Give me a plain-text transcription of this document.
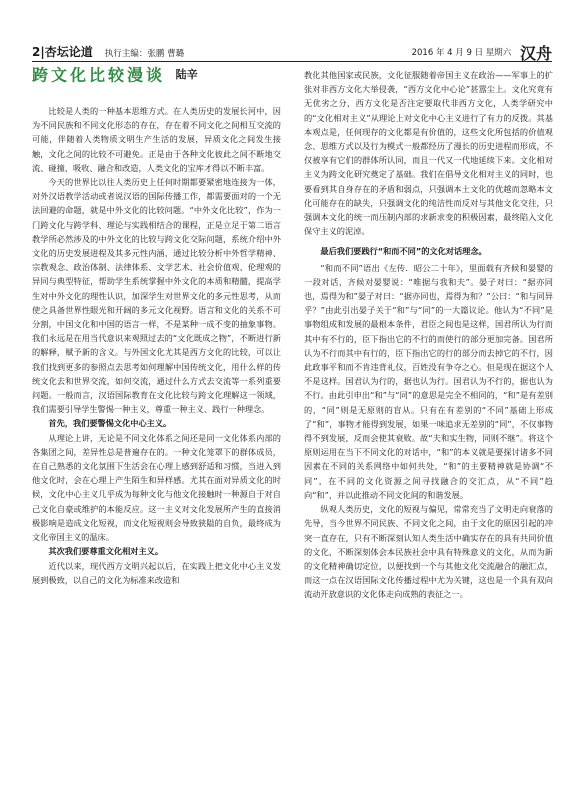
2|杏坛论道 执行主编：张鹏 曹璐	2016 年 4 月 9 日 星期六 汉舟
跨文化比较漫谈 陆辛

比较是人类的一种基本思维方式。在人类历史的发展长河中，因为不同民族和不同文化形态的存在，存在着不同文化之间相互交流的可能，伴随着人类物质文明生产生活的发展，异质文化之间发生接触，文化之间的比较不可避免。正是由于各种文化彼此之间不断地交流、碰撞、吸收、融合和改造，人类文化的宝库才得以不断丰富。

今天的世界比以往人类历史上任何时期都要紧密地连接为一体，对外汉语教学活动或者说汉语的国际传播工作，都需要面对的一个无法回避的命题，就是中外文化的比较问题。“中外文化比较”，作为一门跨文化与跨学科、理论与实践相结合的课程，正是立足于第二语言教学所必然涉及的中外文化的比较与跨文化交际问题，系统介绍中外文化的历史发展进程及其多元性内涵，通过比较分析中外哲学精神、宗教观念、政治体制、法律体系、文学艺术、社会价值观、伦理观的异同与典型特征，帮助学生系统掌握中外文化的本质和精髓，提高学生对中外文化的理性认识，加深学生对世界文化的多元性思考，从而使之具备世界性眼光和开阔的多元文化视野。语言和文化的关系不可分割，中国文化和中国的语言一样，不是某种一成不变的抽象事物。我们永远是在用当代意识来观照过去的“文化既成之物”，不断进行新的解释，赋予新的含义。与外国文化尤其是西方文化的比较，可以让我们找到更多的参照点去思考如何理解中国传统文化，用什么样的传统文化去和世界交流，如何交流，通过什么方式去交流等一系列重要问题。一般而言，汉语国际教育在文化比较与跨文化理解这一领域，我们需要引导学生警惕一种主义，尊重一种主义、践行一种理念。

首先，我们要警惕文化中心主义。

从理论上讲，无论是不同文化体系之间还是同一文化体系内部的各集团之间，差异性总是普遍存在的。一种文化笼罩下的群体成员，在自己熟悉的文化氛围下生活会在心理上感到舒适和习惯，当进入到他文化时，会在心理上产生陌生和异样感。尤其在面对异质文化的时候，文化中心主义几乎成为每种文化与他文化接触时一种源自于对自己文化自豪或维护的本能反应。这一主义对文化发展所产生的直接消极影响是造成文化短视，而文化短视则会导致狭隘的自负，最终成为文化帝国主义的温床。

其次我们要尊重文化相对主义。

近代以来，现代西方文明兴起以后，在实践上把文化中心主义发展到极致，以自己的文化为标准来改造和

教化其他国家或民族，文化征服随着帝国主义在政治——军事上的扩张对非西方文化大举侵袭，“西方文化中心论”甚嚣尘上。文化究竟有无优劣之分，西方文化是否注定要取代非西方文化，人类学研究中的“文化相对主义”从理论上对文化中心主义进行了有力的反拨。其基本观点是，任何现存的文化都是有价值的，这些文化所包括的价值观念、思维方式以及行为模式一般都经历了漫长的历史进程而形成，不仅被享有它们的群体所认同，而且一代又一代地延续下来。文化相对主义为跨文化研究奠定了基础。我们在倡导文化相对主义的同时，也要看到其自身存在的矛盾和弱点，只强调本土文化的优越而忽略本文化可能存在的缺失，只强调文化的纯洁性而反对与其他文化交往，只强调本文化的统一而压制内部的求新求变的积极因素，最终陷入文化保守主义的泥淖。

最后我们要践行“和而不同”的文化对话理念。

“和而不同”语出《左传．昭公二十年》，里面载有齐候和晏婴的一段对话，齐候对晏婴说：“唯据与我和夫”。晏子对曰：“据亦同也，焉得为和”晏子对曰：“据亦同也，焉得为和？”公曰：“和与同异乎？”由此引出晏子关于“和”与“同”的一大篇议论。他认为“不同”是事物组成和发展的最根本条件，君臣之间也是这样，国君所认为行而其中有不行的，臣下指出它的不行的而使行的部分更加完备。国君所认为不行而其中有行的，臣下指出它的行的部分而去掉它的不行，因此政事平和而不肯违背礼仪，百姓没有争夺之心。但是现在据这个人不是这样。国君认为行的，据也认为行。国君认为不行的，据也认为不行。由此引申出“和”与“同”的意思是完全不相同的，“和”是有差别的，“同”则是无原则的盲从。只有在有差别的“不同”基础上形成了“和”，事物才能得到发展，如果一味追求无差别的“同”，不仅事物得不到发展，反而会使其衰败。故“夫和实生物，同则不继”。将这个原则运用在当下不同文化的对话中，“和”的本义就是要探讨诸多不同因素在不同的关系网络中如何共处，“和”的主要精神就是协调“不同”，在不同的文化资源之间寻找融合的交汇点，从“不同”趋向“和”，并以此推动不同文化间的和谐发展。

纵观人类历史，文化的短视与偏见，常常充当了文明走向衰落的先导，当今世界不同民族、不同文化之间，由于文化的原因引起的冲突一直存在，只有不断深刻认知人类生活中确实存在的具有共同价值的文化，不断深刻体会本民族社会中具有特殊意义的文化，从而为新的文化精神确切定位，以便找到一个与其他文化交流融合的融汇点，而这一点在汉语国际文化传播过程中尤为关键，这也是一个具有双向流动开放意识的文化体走向成熟的表征之一。
